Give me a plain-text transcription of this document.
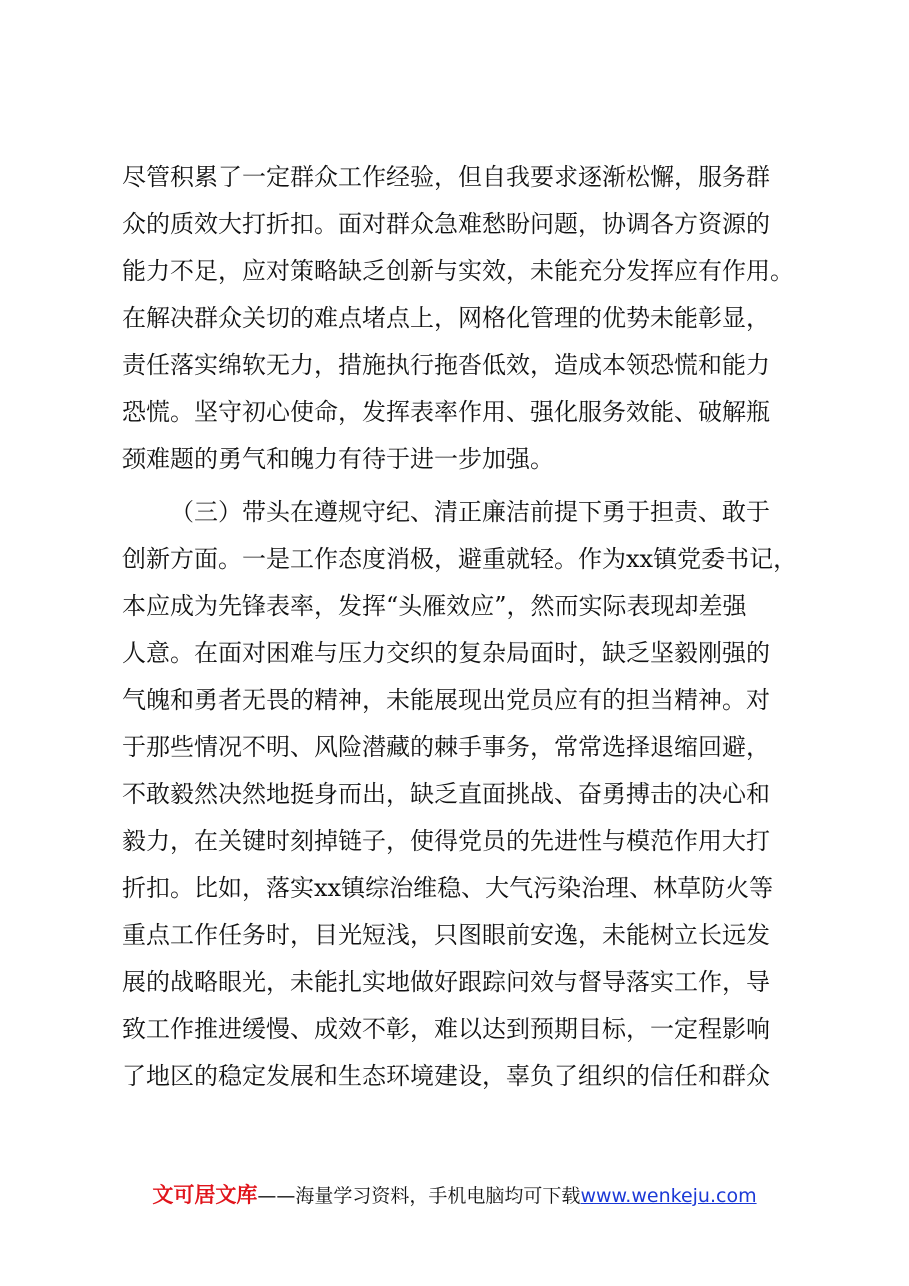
尽管积累了一定群众工作经验，但自我要求逐渐松懈，服务群
众的质效大打折扣。面对群众急难愁盼问题，协调各方资源的
能力不足，应对策略缺乏创新与实效，未能充分发挥应有作用。
在解决群众关切的难点堵点上，网格化管理的优势未能彰显，
责任落实绵软无力，措施执行拖沓低效，造成本领恐慌和能力
恐慌。坚守初心使命，发挥表率作用、强化服务效能、破解瓶
颈难题的勇气和魄力有待于进一步加强。
（三）带头在遵规守纪、清正廉洁前提下勇于担责、敢于
创新方面。一是工作态度消极，避重就轻。作为xx镇党委书记，
本应成为先锋表率，发挥“头雁效应”，然而实际表现却差强
人意。在面对困难与压力交织的复杂局面时，缺乏坚毅刚强的
气魄和勇者无畏的精神，未能展现出党员应有的担当精神。对
于那些情况不明、风险潜藏的棘手事务，常常选择退缩回避，
不敢毅然决然地挺身而出，缺乏直面挑战、奋勇搏击的决心和
毅力，在关键时刻掉链子，使得党员的先进性与模范作用大打
折扣。比如，落实xx镇综治维稳、大气污染治理、林草防火等
重点工作任务时，目光短浅，只图眼前安逸，未能树立长远发
展的战略眼光，未能扎实地做好跟踪问效与督导落实工作，导
致工作推进缓慢、成效不彰，难以达到预期目标，一定程影响
了地区的稳定发展和生态环境建设，辜负了组织的信任和群众
文可居文库——海量学习资料，手机电脑均可下载www.wenkeju.com
